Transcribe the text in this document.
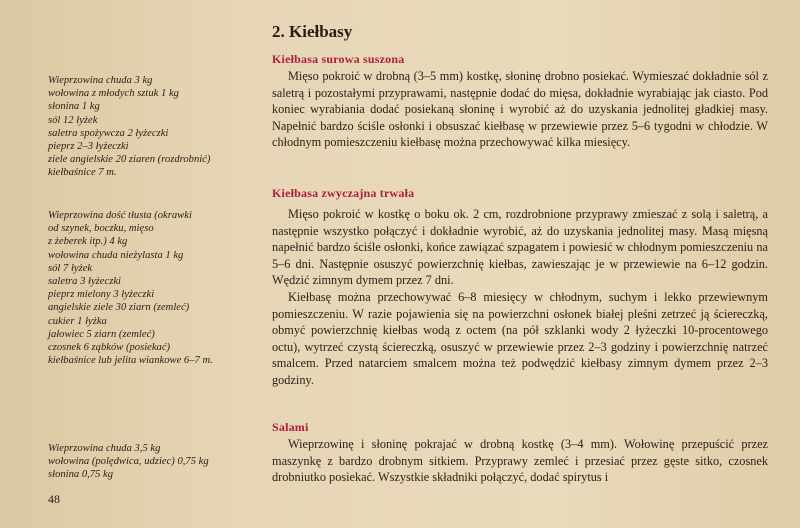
2. Kiełbasy
Wieprzowina chuda 3 kg
wołowina z młodych sztuk 1 kg
słonina 1 kg
sól 12 łyżek
saletra spożywcza 2 łyżeczki
pieprz 2–3 łyżeczki
ziele angielskie 20 ziaren (rozdrobnić)
kiełbaśnice 7 m.
Kiełbasa surowa suszona

Mięso pokroić w drobną (3–5 mm) kostkę, słoninę drobno posiekać. Wymieszać dokładnie sól z saletrą i pozostałymi przyprawami, następnie dodać do mięsa, dokładnie wyrabiając jak ciasto. Pod koniec wyrabiania dodać posiekaną słoninę i wyrobić aż do uzyskania jednolitej gładkiej masy. Napełnić bardzo ściśle osłonki i obsuszać kiełbasę w przewiewie przez 5–6 tygodni w chłodzie. W chłodnym pomieszczeniu kiełbasę można przechowywać kilka miesięcy.

Wieprzowina dość tłusta (okrawki
od szynek, boczku, mięso
z żeberek itp.) 4 kg
wołowina chuda nieżylasta 1 kg
sól 7 łyżek
saletra 3 łyżeczki
pieprz mielony 3 łyżeczki
angielskie ziele 30 ziarn (zemleć)
cukier 1 łyżka
jałowiec 5 ziarn (zemleć)
czosnek 6 ząbków (posiekać)
kiełbaśnice lub jelita wiankowe 6–7 m.
Kiełbasa zwyczajna trwała

Mięso pokroić w kostkę o boku ok. 2 cm, rozdrobnione przyprawy zmieszać z solą i saletrą, a następnie wszystko połączyć i dokładnie wyrobić, aż do uzyskania jednolitej masy. Masą mięsną napełnić bardzo ściśle osłonki, końce zawiązać szpagatem i powiesić w chłodnym pomieszczeniu na 5–6 dni. Następnie osuszyć powierzchnię kiełbas, zawieszając je w przewiewie na 6–12 godzin. Wędzić zimnym dymem przez 7 dni.

Kiełbasę można przechowywać 6–8 miesięcy w chłodnym, suchym i lekko przewiewnym pomieszczeniu. W razie pojawienia się na powierzchni osłonek białej pleśni zetrzeć ją ściereczką, obmyć powierzchnię kiełbas wodą z octem (na pół szklanki wody 2 łyżeczki 10-procentowego octu), wytrzeć czystą ściereczką, osuszyć w przewiewie przez 2–3 godziny i powierzchnię natrzeć smalcem. Przed natarciem smalcem można też podwędzić kiełbasy zimnym dymem przez 2–3 godziny.

Wieprzowina chuda 3,5 kg
wołowina (polędwica, udziec) 0,75 kg
słonina 0,75 kg
Salami

Wieprzowinę i słoninę pokrajać w drobną kostkę (3–4 mm). Wołowinę przepuścić przez maszynkę z bardzo drobnym sitkiem. Przyprawy zemleć i przesiać przez gęste sitko, czosnek drobniutko posiekać. Wszystkie składniki połączyć, dodać spirytus i

48
